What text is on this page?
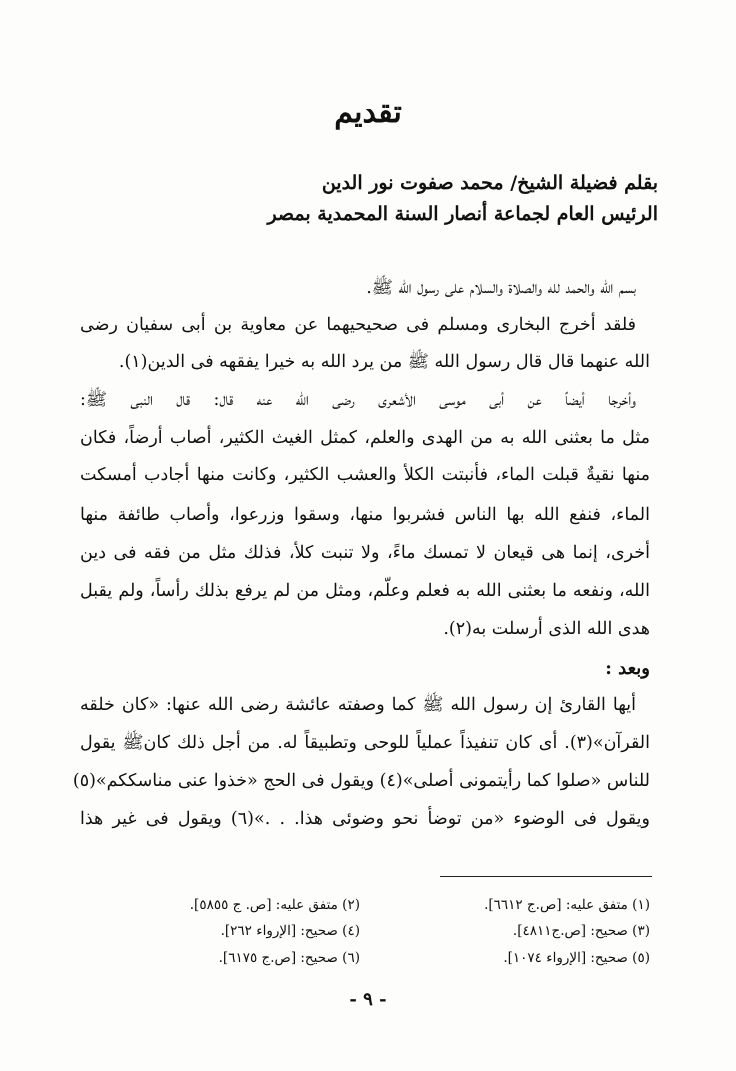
تقديم
بقلم فضيلة الشيخ/ محمد صفوت نور الدين
الرئيس العام لجماعة أنصار السنة المحمدية بمصر
بسم الله والحمد لله والصلاة والسلام على رسول الله ﷺ.
فلقد أخرج البخارى ومسلم فى صحيحيهما عن معاوية بن أبى سفيان رضى
الله عنهما قال قال رسول الله ﷺ من يرد الله به خيرا يفقهه فى الدين(١).
وأخرجا أيضاً عن أبى موسى الأشعرى رضى الله عنه قال: قال النبى ﷺ:
مثل ما بعثنى الله به من الهدى والعلم، كمثل الغيث الكثير، أصاب أرضاً، فكان
منها نقيةٌ قبلت الماء، فأنبتت الكلأ والعشب الكثير، وكانت منها أجادب أمسكت
الماء، فنفع الله بها الناس فشربوا منها، وسقوا وزرعوا، وأصاب طائفة منها
أخرى، إنما هى قيعان لا تمسك ماءً، ولا تنبت كلأ، فذلك مثل من فقه فى دين
الله، ونفعه ما بعثنى الله به فعلم وعلّم، ومثل من لم يرفع بذلك رأساً، ولم يقبل
هدى الله الذى أرسلت به(٢).
وبعد :
أيها القارئ إن رسول الله ﷺ كما وصفته عائشة رضى الله عنها: «كان خلقه
القرآن»(٣). أى كان تنفيذاً عملياً للوحى وتطبيقاً له. من أجل ذلك كانﷺ يقول
للناس «صلوا كما رأيتمونى أصلى»(٤) ويقول فى الحج «خذوا عنى مناسككم»(٥)
ويقول فى الوضوء «من توضأ نحو وضوئى هذا. . .»(٦) ويقول فى غير هذا
(١) متفق عليه: [ص.ج ٦٦١٢].
(٢) متفق عليه: [ص. ج ٥٨٥٥].
(٣) صحيح: [ص.ج٤٨١١].
(٤) صحيح: [الإرواء ٢٦٢].
(٥) صحيح: [الإرواء ١٠٧٤].
(٦) صحيح: [ص.ج ٦١٧٥].
- ٩ -
